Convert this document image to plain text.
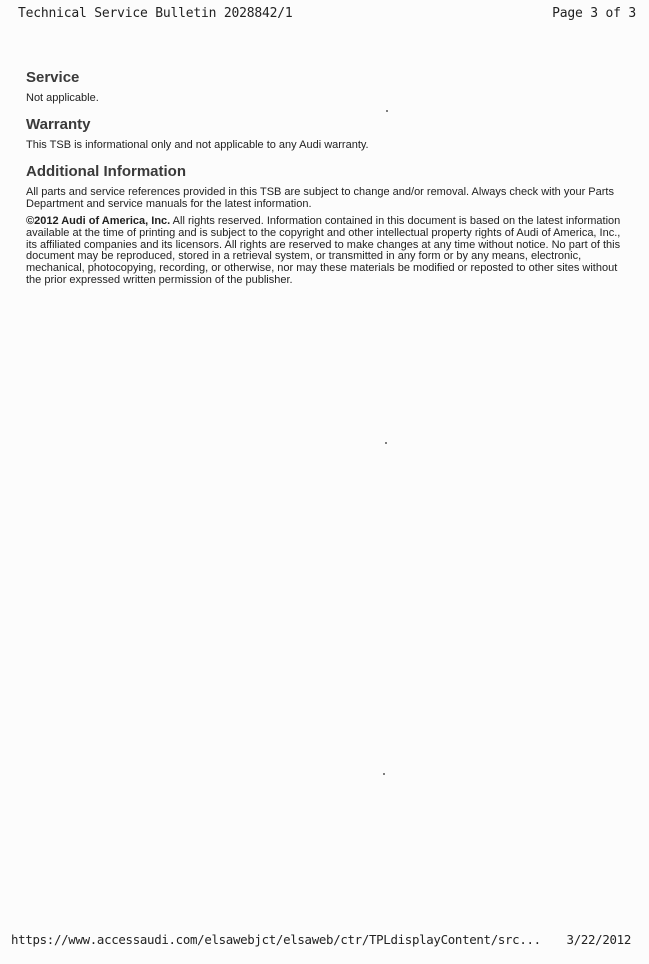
Technical Service Bulletin 2028842/1	Page 3 of 3
Service

Not applicable.

Warranty

This TSB is informational only and not applicable to any Audi warranty.

Additional Information

All parts and service references provided in this TSB are subject to change and/or removal. Always check with your Parts Department and service manuals for the latest information.

©2012 Audi of America, Inc. All rights reserved. Information contained in this document is based on the latest information available at the time of printing and is subject to the copyright and other intellectual property rights of Audi of America, Inc., its affiliated companies and its licensors. All rights are reserved to make changes at any time without notice. No part of this document may be reproduced, stored in a retrieval system, or transmitted in any form or by any means, electronic, mechanical, photocopying, recording, or otherwise, nor may these materials be modified or reposted to other sites without the prior expressed written permission of the publisher.

https://www.accessaudi.com/elsawebjct/elsaweb/ctr/TPLdisplayContent/src... 3/22/2012
